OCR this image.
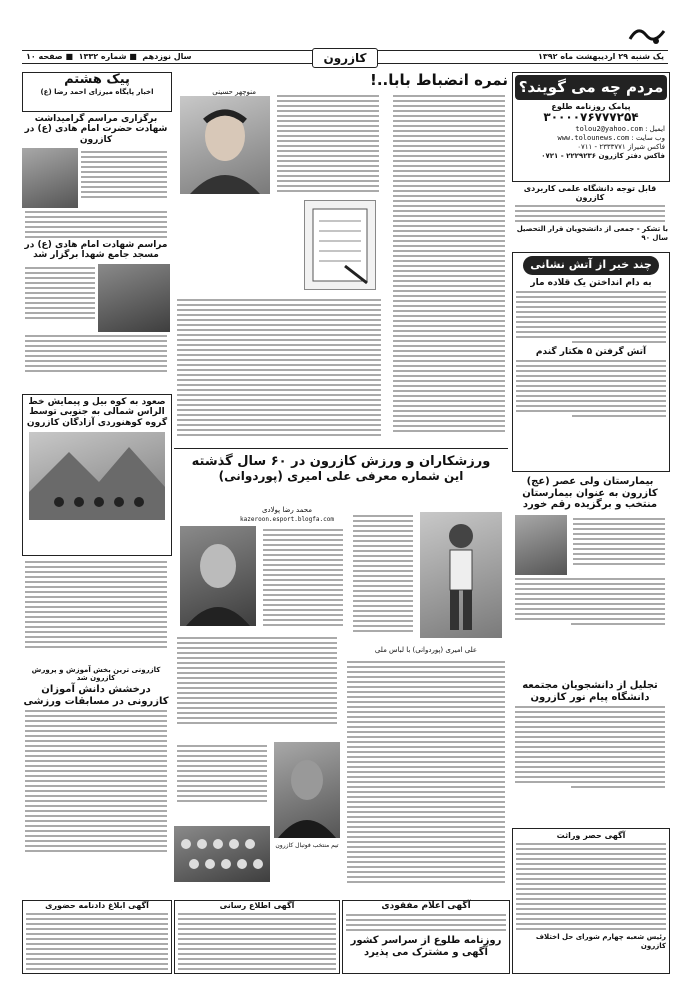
یک شنبه ۲۹ اردیبهشت ماه ۱۳۹۲
سال نوزدهم  ■ شماره ۱۳۳۲  ■ صفحه ۱۰	کازرون
مردم چه می گویند؟
پیامک روزنامه طلوع
۳۰۰۰۰۷۶۷۷۷۲۵۴
ایمیل : tolou2@yahoo.com
وب سایت : www.tolounews.com
فاکس شیراز ۲۳۳۳۷۷۱ - ۰۷۱۱
فاکس دفتر کازرون ۲۲۲۹۲۳۶ - ۰۷۲۱
قابل توجه دانشگاه علمی کاربردی کازرون
با تشکر - جمعی از دانشجویان قرار التحصیل سال ۹۰
چند خبر از آتش نشانی
به دام انداختن یک قلاده مار
آتش گرفتن ۵ هکتار گندم
بیمارستان ولی عصر (عج) کازرون به عنوان بیمارستان منتخب و برگزیده رقم خورد
تجلیل از دانشجویان مجتمعه دانشگاه پیام نور کازرون
آگهی حصر وراثت
رئیس شعبه چهارم شورای حل اختلاف کازرون
نمره انضباط بابا..!
منوچهر حسینی
ورزشکاران و ورزش کازرون در ۶۰ سال گذشته
این شماره معرفی علی امیری (پوردوانی)
محمد رضا پولادی
kazeroon.esport.blogfa.com
علی امیری (پوردوانی) با لباس ملی
تیم منتخب فوتبال کازرون
آگهی اعلام مفقودی
روزنامه طلوع از سراسر کشور آگهی و مشترک می پذیرد
آگهی اطلاع رسانی
پیک هشتم
اخبار پایگاه میرزای احمد رضا (ع)
برگزاری مراسم گرامیداشت شهادت حضرت امام هادی (ع) در کازرون
مراسم شهادت امام هادی (ع) در مسجد جامع شهدا برگزار شد
صعود به کوه بیل و پیمایش خط الراس شمالی به جنوبی توسط گروه کوهنوردی آزادگان کازرون
کازرونی ترین بخش آموزش و پرورش کازرون شد
درخشش دانش آموزان کازرونی در مسابقات ورزشی
آگهی ابلاغ دادنامه حضوری
